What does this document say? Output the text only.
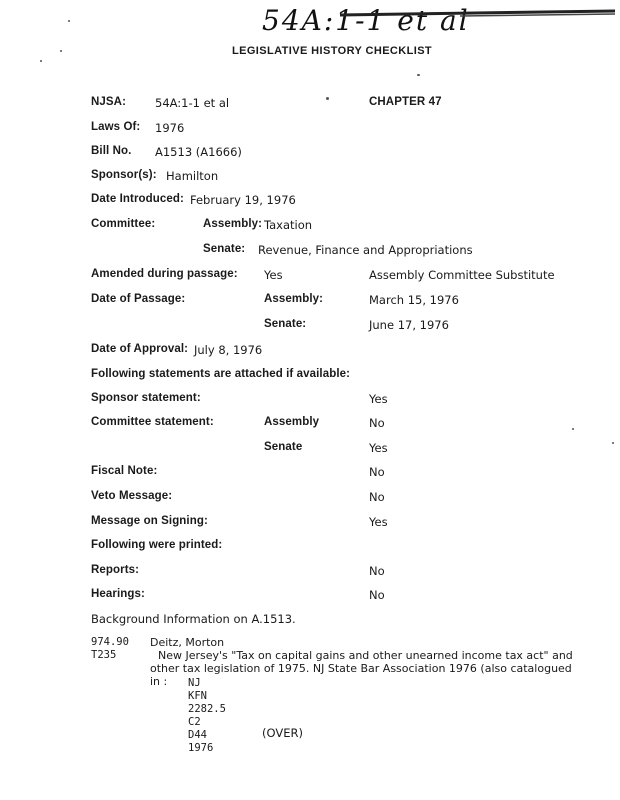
54A:1-1 et al
LEGISLATIVE HISTORY CHECKLIST
NJSA:	54A:1-1 et al	CHAPTER 47
Laws Of: 1976
Bill No. A1513 (A1666)
Sponsor(s): Hamilton
Date Introduced: February 19, 1976
Committee:	Assembly: Taxation
Senate: Revenue, Finance and Appropriations
Amended during passage: Yes	Assembly Committee Substitute
Date of Passage:	Assembly:	March 15, 1976
Senate:	June 17, 1976
Date of Approval: July 8, 1976
Following statements are attached if available:
Sponsor statement:	Yes
Committee statement:	Assembly	No
Senate	Yes
Fiscal Note:	No
Veto Message:	No
Message on Signing:	Yes
Following were printed:
Reports:	No
Hearings:	No
Background Information on A.1513.
974.90
T235
Deitz, Morton
New Jersey's "Tax on capital gains and other unearned income tax act" and
other tax legislation of 1975. NJ State Bar Association 1976 (also catalogued
in : NJ
KFN
2282.5
C2
D44
1976
(OVER)
